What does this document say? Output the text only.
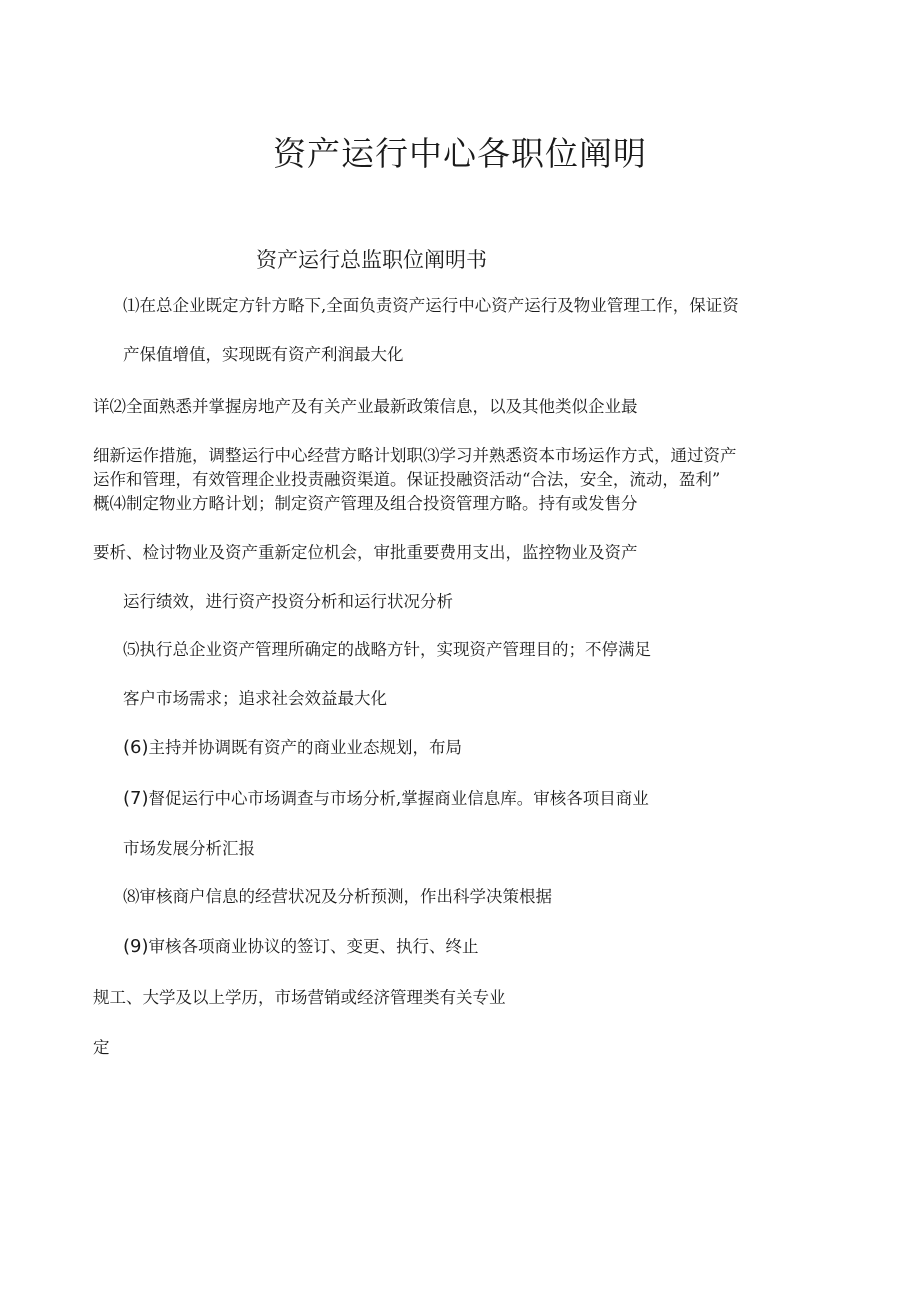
资产运行中心各职位阐明
资产运行总监职位阐明书
⑴在总企业既定方针方略下,全面负责资产运行中心资产运行及物业管理工作，保证资
产保值增值，实现既有资产利润最大化
详⑵全面熟悉并掌握房地产及有关产业最新政策信息，以及其他类似企业最
细新运作措施，调整运行中心经营方略计划职⑶学习并熟悉资本市场运作方式，通过资产
运作和管理，有效管理企业投责融资渠道。保证投融资活动“合法，安全，流动，盈利”
概⑷制定物业方略计划；制定资产管理及组合投资管理方略。持有或发售分
要析、检讨物业及资产重新定位机会，审批重要费用支出，监控物业及资产
运行绩效，进行资产投资分析和运行状况分析
⑸执行总企业资产管理所确定的战略方针，实现资产管理目的；不停满足
客户市场需求；追求社会效益最大化
(6)主持并协调既有资产的商业业态规划，布局
(7)督促运行中心市场调查与市场分析,掌握商业信息库。审核各项目商业
市场发展分析汇报
⑻审核商户信息的经营状况及分析预测，作出科学决策根据
(9)审核各项商业协议的签订、变更、执行、终止
规工、大学及以上学历，市场营销或经济管理类有关专业
定
